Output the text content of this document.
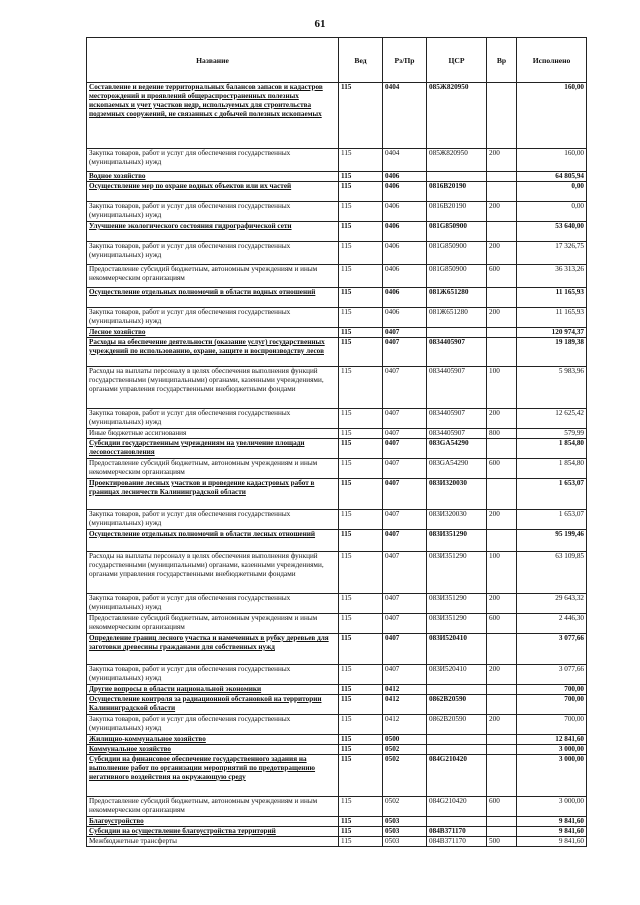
61
Название	Вед	Рз/Пр	ЦСР	Вр	Исполнено
Составление и ведение территориальных балансов запасов и кадастров месторождений и проявлений общераспространенных полезных ископаемых и учет участков недр, используемых для строительства подземных сооружений, не связанных с добычей полезных ископаемых	115	0404	085Ж820950		160,00
Закупка товаров, работ и услуг для обеспечения государственных (муниципальных) нужд	115	0404	085Ж820950	200	160,00
Водное хозяйство	115	0406			64 805,94
Осуществление мер по охране водных объектов или их частей	115	0406	0816В20190		0,00
Закупка товаров, работ и услуг для обеспечения государственных (муниципальных) нужд	115	0406	0816В20190	200	0,00
Улучшение экологического состояния гидрографической сети	115	0406	081G850900		53 640,00
Закупка товаров, работ и услуг для обеспечения государственных (муниципальных) нужд	115	0406	081G850900	200	17 326,75
Предоставление субсидий бюджетным, автономным учреждениям и иным некоммерческим организациям	115	0406	081G850900	600	36 313,26
Осуществление отдельных полномочий в области водных отношений	115	0406	081Ж651280		11 165,93
Закупка товаров, работ и услуг для обеспечения государственных (муниципальных) нужд	115	0406	081Ж651280	200	11 165,93
Лесное хозяйство	115	0407			120 974,37
Расходы на обеспечение деятельности (оказание услуг) государственных учреждений по использованию, охране, защите и воспроизводству лесов	115	0407	0834405907		19 189,38
Расходы на выплаты персоналу в целях обеспечения выполнения функций государственными (муниципальными) органами, казенными учреждениями, органами управления государственными внебюджетными фондами	115	0407	0834405907	100	5 983,96
Закупка товаров, работ и услуг для обеспечения государственных (муниципальных) нужд	115	0407	0834405907	200	12 625,42
Иные бюджетные ассигнования	115	0407	0834405907	800	579,99
Субсидии государственным учреждениям на увеличение площади лесовосстановления	115	0407	083GA54290		1 854,80
Предоставление субсидий бюджетным, автономным учреждениям и иным некоммерческим организациям	115	0407	083GA54290	600	1 854,80
Проектирование лесных участков и проведение кадастровых работ в границах лесничеств Калининградской области	115	0407	083И320030		1 653,07
Закупка товаров, работ и услуг для обеспечения государственных (муниципальных) нужд	115	0407	083И320030	200	1 653,07
Осуществление отдельных полномочий в области лесных отношений	115	0407	083И351290		95 199,46
Расходы на выплаты персоналу в целях обеспечения выполнения функций государственными (муниципальными) органами, казенными учреждениями, органами управления государственными внебюджетными фондами	115	0407	083И351290	100	63 109,85
Закупка товаров, работ и услуг для обеспечения государственных (муниципальных) нужд	115	0407	083И351290	200	29 643,32
Предоставление субсидий бюджетным, автономным учреждениям и иным некоммерческим организациям	115	0407	083И351290	600	2 446,30
Определение границ лесного участка и намеченных в рубку деревьев для заготовки древесины гражданами для собственных нужд	115	0407	083И520410		3 077,66
Закупка товаров, работ и услуг для обеспечения государственных (муниципальных) нужд	115	0407	083И520410	200	3 077,66
Другие вопросы в области национальной экономики	115	0412			700,00
Осуществление контроля за радиационной обстановкой на территории Калининградской области	115	0412	0862В20590		700,00
Закупка товаров, работ и услуг для обеспечения государственных (муниципальных) нужд	115	0412	0862В20590	200	700,00
Жилищно-коммунальное хозяйство	115	0500			12 841,60
Коммунальное хозяйство	115	0502			3 000,00
Субсидии на финансовое обеспечение государственного задания на выполнение работ по организации мероприятий по предотвращению негативного воздействия на окружающую среду	115	0502	084G210420		3 000,00
Предоставление субсидий бюджетным, автономным учреждениям и иным некоммерческим организациям	115	0502	084G210420	600	3 000,00
Благоустройство	115	0503			9 841,60
Субсидии на осуществление благоустройства территорий	115	0503	084В371170		9 841,60
Межбюджетные трансферты	115	0503	084В371170	500	9 841,60
